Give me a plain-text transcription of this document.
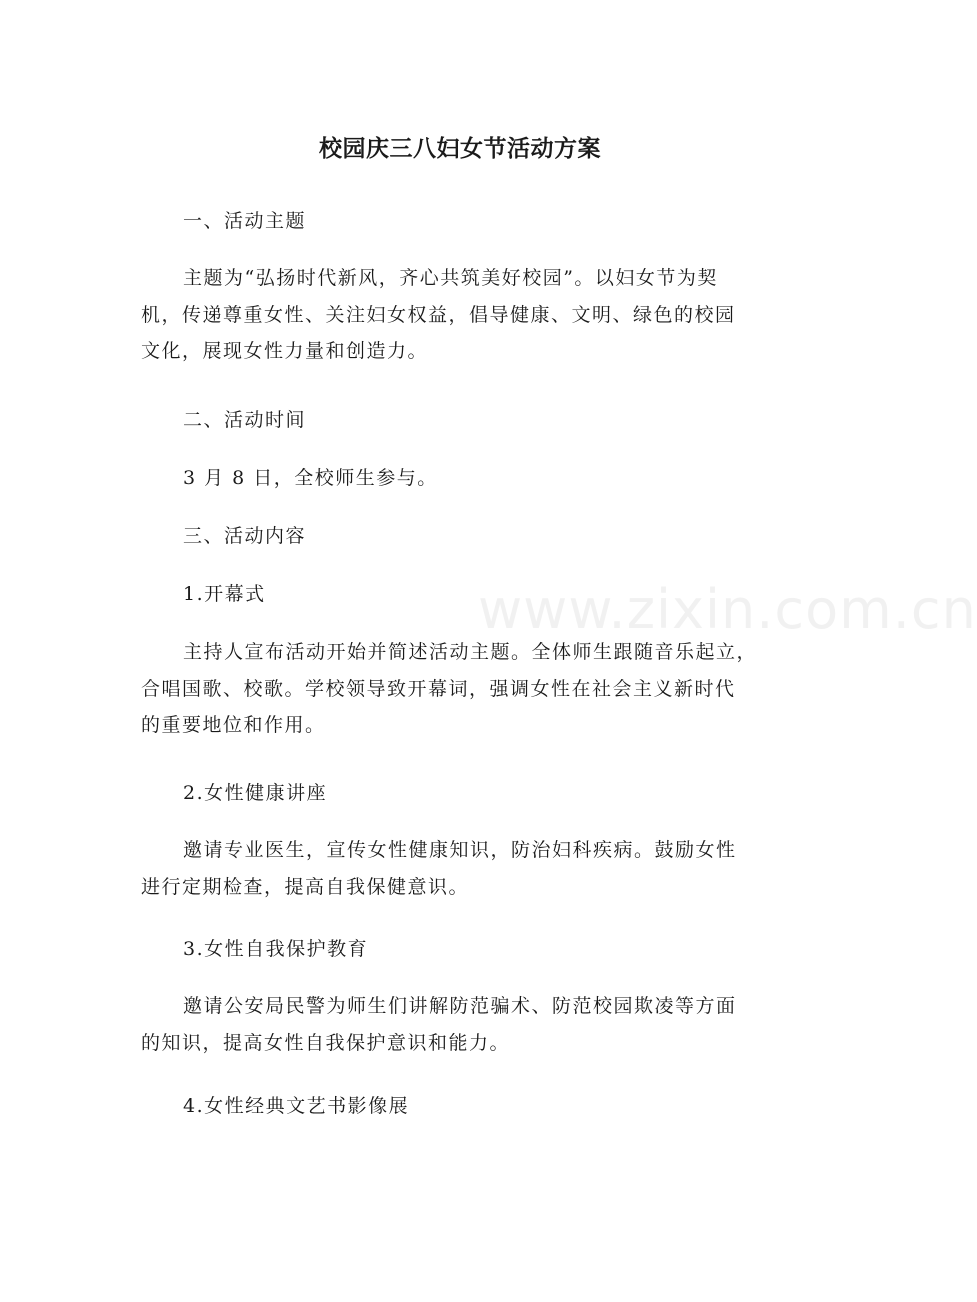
www.zixin.com.cn
校园庆三八妇女节活动方案

一、活动主题

主题为“弘扬时代新风，齐心共筑美好校园”。以妇女节为契
机，传递尊重女性、关注妇女权益，倡导健康、文明、绿色的校园
文化，展现女性力量和创造力。

二、活动时间

3 月 8 日，全校师生参与。

三、活动内容

1.开幕式

主持人宣布活动开始并简述活动主题。全体师生跟随音乐起立，
合唱国歌、校歌。学校领导致开幕词，强调女性在社会主义新时代
的重要地位和作用。

2.女性健康讲座

邀请专业医生，宣传女性健康知识，防治妇科疾病。鼓励女性
进行定期检查，提高自我保健意识。

3.女性自我保护教育

邀请公安局民警为师生们讲解防范骗术、防范校园欺凌等方面
的知识，提高女性自我保护意识和能力。

4.女性经典文艺书影像展
